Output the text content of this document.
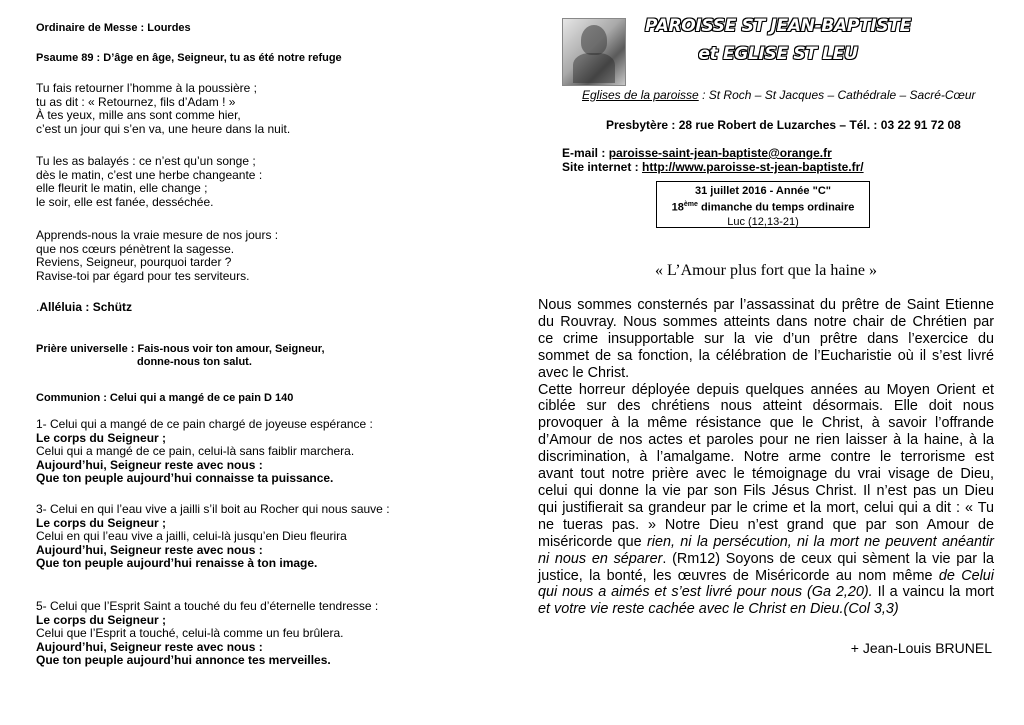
Ordinaire de Messe : Lourdes
Psaume 89 : D’âge en âge, Seigneur, tu as été notre refuge
Tu fais retourner l’homme à la poussière ;
tu as dit : « Retournez, fils d’Adam ! »
À tes yeux, mille ans sont comme hier,
c’est un jour qui s’en va, une heure dans la nuit.
Tu les as balayés : ce n’est qu’un songe ;
dès le matin, c’est une herbe changeante :
elle fleurit le matin, elle change ;
le soir, elle est fanée, desséchée.
Apprends-nous la vraie mesure de nos jours :
que nos cœurs pénètrent la sagesse.
Reviens, Seigneur, pourquoi tarder ?
Ravise-toi par égard pour tes serviteurs.
.Alléluia : Schütz
Prière universelle : Fais-nous voir ton amour, Seigneur,
donne-nous ton salut.
Communion : Celui qui a mangé de ce pain D 140
1- Celui qui a mangé de ce pain chargé de joyeuse espérance :
Le corps du Seigneur ;
Celui qui a mangé de ce pain, celui-là sans faiblir marchera.
Aujourd’hui, Seigneur reste avec nous :
Que ton peuple aujourd’hui connaisse ta puissance.
3- Celui en qui l’eau vive a jailli s’il boit au Rocher qui nous sauve :
Le corps du Seigneur ;
Celui en qui l’eau vive a jailli, celui-là jusqu’en Dieu fleurira
Aujourd’hui, Seigneur reste avec nous :
Que ton peuple aujourd’hui renaisse à ton image.
5- Celui que l’Esprit Saint a touché du feu d’éternelle tendresse :
Le corps du Seigneur ;
Celui que l’Esprit a touché, celui-là comme un feu brûlera.
Aujourd’hui, Seigneur reste avec nous :
Que ton peuple aujourd’hui annonce tes merveilles.
PAROISSE ST JEAN-BAPTISTE
et EGLISE ST LEU
Eglises de la paroisse : St Roch – St Jacques – Cathédrale – Sacré-Cœur
Presbytère : 28 rue Robert de Luzarches – Tél. : 03 22 91 72 08
E-mail : paroisse-saint-jean-baptiste@orange.fr
Site internet : http://www.paroisse-st-jean-baptiste.fr/
31 juillet 2016 - Année "C"
18ème dimanche du temps ordinaire
Luc (12,13-21)
« L’Amour plus fort que la haine »
Nous sommes consternés par l’assassinat du prêtre de Saint Etienne
du Rouvray. Nous sommes atteints dans notre chair de Chrétien par
ce crime insupportable sur la vie d’un prêtre dans l’exercice du
sommet de sa fonction, la célébration de l’Eucharistie où il s’est livré
avec le Christ.
Cette horreur déployée depuis quelques années au Moyen Orient et
ciblée sur des chrétiens nous atteint désormais. Elle doit nous
provoquer à la même résistance que le Christ, à savoir l’offrande
d’Amour de nos actes et paroles pour ne rien laisser à la haine, à la
discrimination, à l’amalgame. Notre arme contre le terrorisme est
avant tout notre prière avec le témoignage du vrai visage de Dieu,
celui qui donne la vie par son Fils Jésus Christ. Il n’est pas un Dieu
qui justifierait sa grandeur par le crime et la mort, celui qui a dit : « Tu
ne tueras pas. » Notre Dieu n’est grand que par son Amour de
miséricorde que rien, ni la persécution, ni la mort ne peuvent anéantir
ni nous en séparer. (Rm12) Soyons de ceux qui sèment la vie par la
justice, la bonté, les œuvres de Miséricorde au nom même de Celui
qui nous a aimés et s’est livré pour nous (Ga 2,20). Il a vaincu la mort
et votre vie reste cachée avec le Christ en Dieu.(Col 3,3)
+ Jean-Louis BRUNEL
